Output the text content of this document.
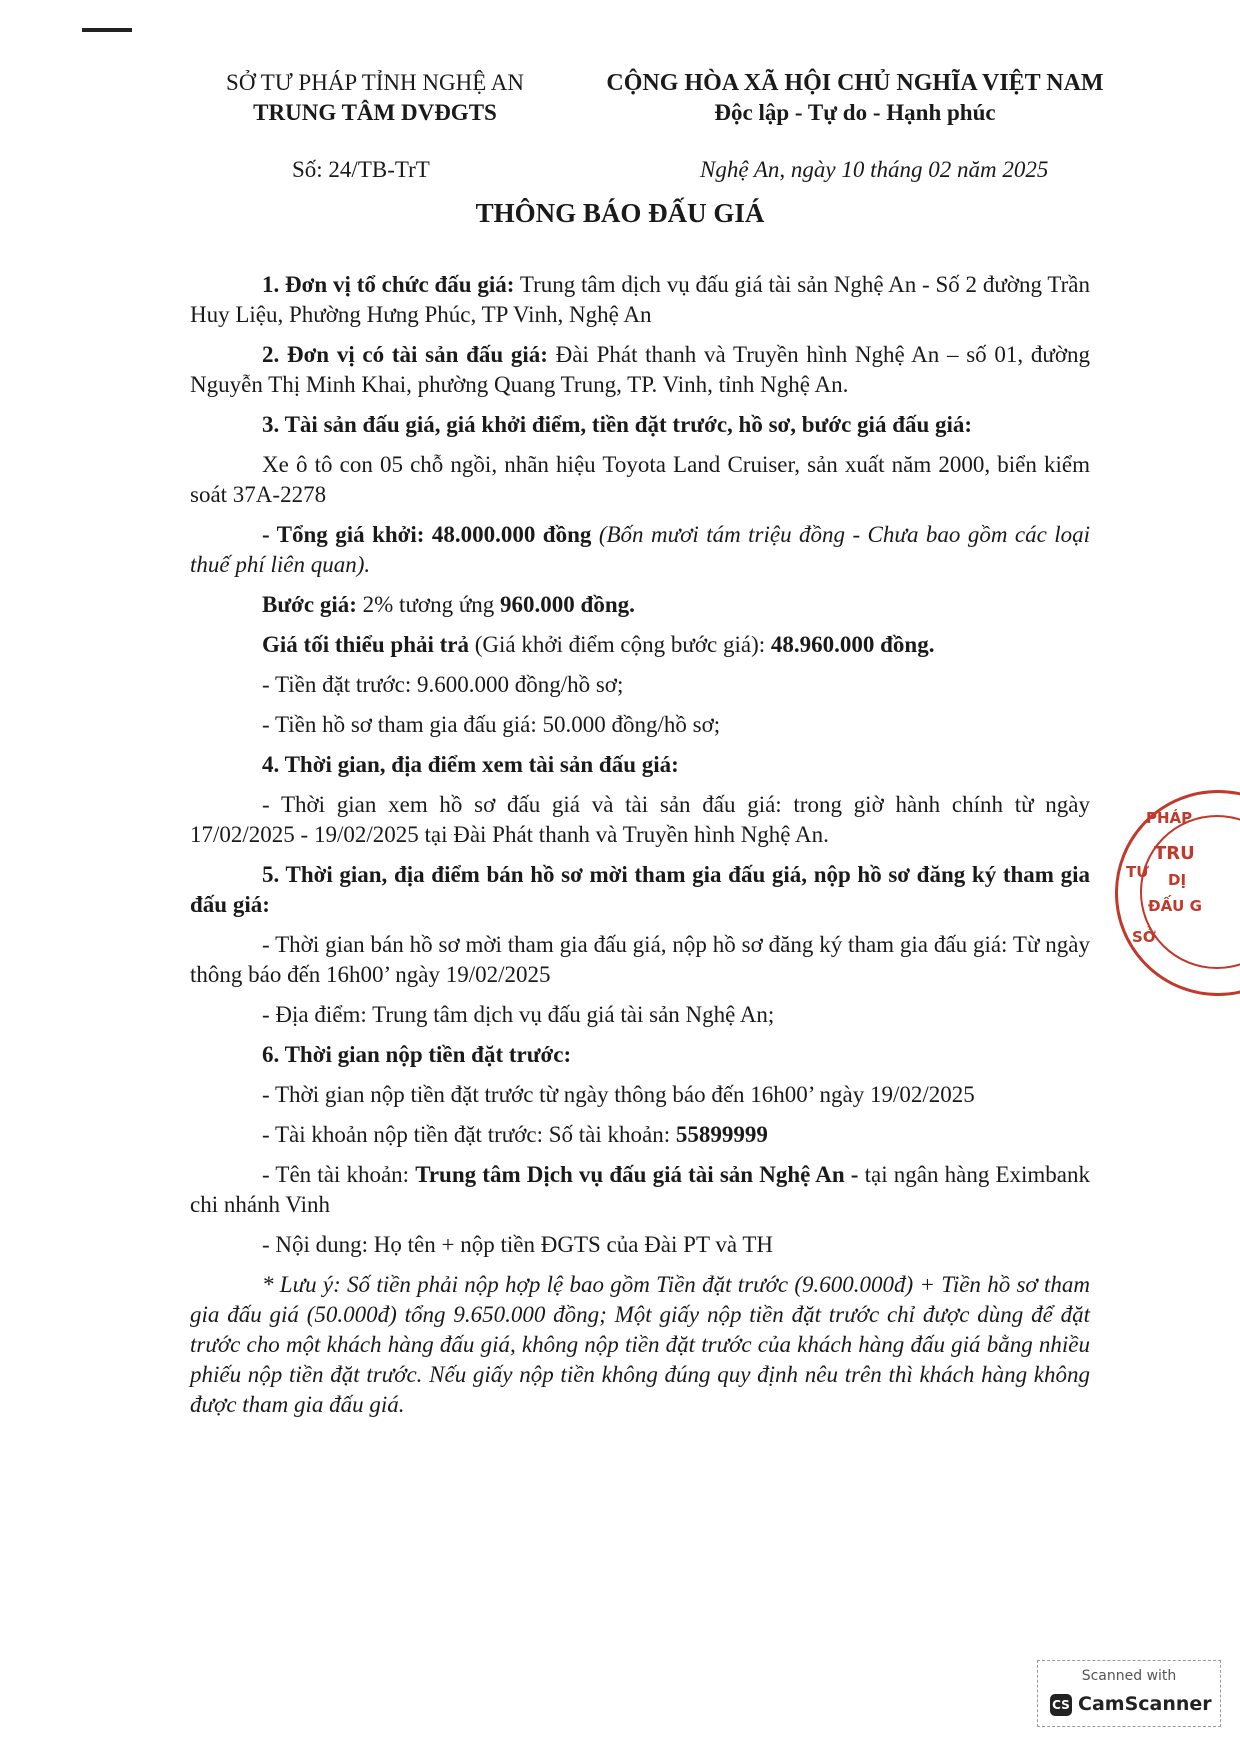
SỞ TƯ PHÁP TỈNH NGHỆ AN
TRUNG TÂM DVĐGTS
CỘNG HÒA XÃ HỘI CHỦ NGHĨA VIỆT NAM
Độc lập - Tự do - Hạnh phúc
Số: 24/TB-TrT	Nghệ An, ngày 10 tháng 02 năm 2025
THÔNG BÁO ĐẤU GIÁ
1. Đơn vị tổ chức đấu giá: Trung tâm dịch vụ đấu giá tài sản Nghệ An - Số 2 đường Trần Huy Liệu, Phường Hưng Phúc, TP Vinh, Nghệ An
2. Đơn vị có tài sản đấu giá: Đài Phát thanh và Truyền hình Nghệ An – số 01, đường Nguyễn Thị Minh Khai, phường Quang Trung, TP. Vinh, tỉnh Nghệ An.
3. Tài sản đấu giá, giá khởi điểm, tiền đặt trước, hồ sơ, bước giá đấu giá:
Xe ô tô con 05 chỗ ngồi, nhãn hiệu Toyota Land Cruiser, sản xuất năm 2000, biển kiểm soát 37A-2278
- Tổng giá khởi: 48.000.000 đồng (Bốn mươi tám triệu đồng - Chưa bao gồm các loại thuế phí liên quan).
Bước giá: 2% tương ứng 960.000 đồng.
Giá tối thiểu phải trả (Giá khởi điểm cộng bước giá): 48.960.000 đồng.
- Tiền đặt trước: 9.600.000 đồng/hồ sơ;
- Tiền hồ sơ tham gia đấu giá: 50.000 đồng/hồ sơ;
4. Thời gian, địa điểm xem tài sản đấu giá:
- Thời gian xem hồ sơ đấu giá và tài sản đấu giá: trong giờ hành chính từ ngày 17/02/2025 - 19/02/2025 tại Đài Phát thanh và Truyền hình Nghệ An.
5. Thời gian, địa điểm bán hồ sơ mời tham gia đấu giá, nộp hồ sơ đăng ký tham gia đấu giá:
- Thời gian bán hồ sơ mời tham gia đấu giá, nộp hồ sơ đăng ký tham gia đấu giá: Từ ngày thông báo đến 16h00’ ngày 19/02/2025
- Địa điểm: Trung tâm dịch vụ đấu giá tài sản Nghệ An;
6. Thời gian nộp tiền đặt trước:
- Thời gian nộp tiền đặt trước từ ngày thông báo đến 16h00’ ngày 19/02/2025
- Tài khoản nộp tiền đặt trước: Số tài khoản: 55899999
- Tên tài khoản: Trung tâm Dịch vụ đấu giá tài sản Nghệ An - tại ngân hàng Eximbank chi nhánh Vinh
- Nội dung: Họ tên + nộp tiền ĐGTS của Đài PT và TH
* Lưu ý: Số tiền phải nộp hợp lệ bao gồm Tiền đặt trước (9.600.000đ) + Tiền hồ sơ tham gia đấu giá (50.000đ) tổng 9.650.000 đồng; Một giấy nộp tiền đặt trước chỉ được dùng để đặt trước cho một khách hàng đấu giá, không nộp tiền đặt trước của khách hàng đấu giá bằng nhiều phiếu nộp tiền đặt trước. Nếu giấy nộp tiền không đúng quy định nêu trên thì khách hàng không được tham gia đấu giá.
PHÁP
TRU
DỊ
ĐẤU G
TƯ
SỞ
Scanned with
CS CamScanner
